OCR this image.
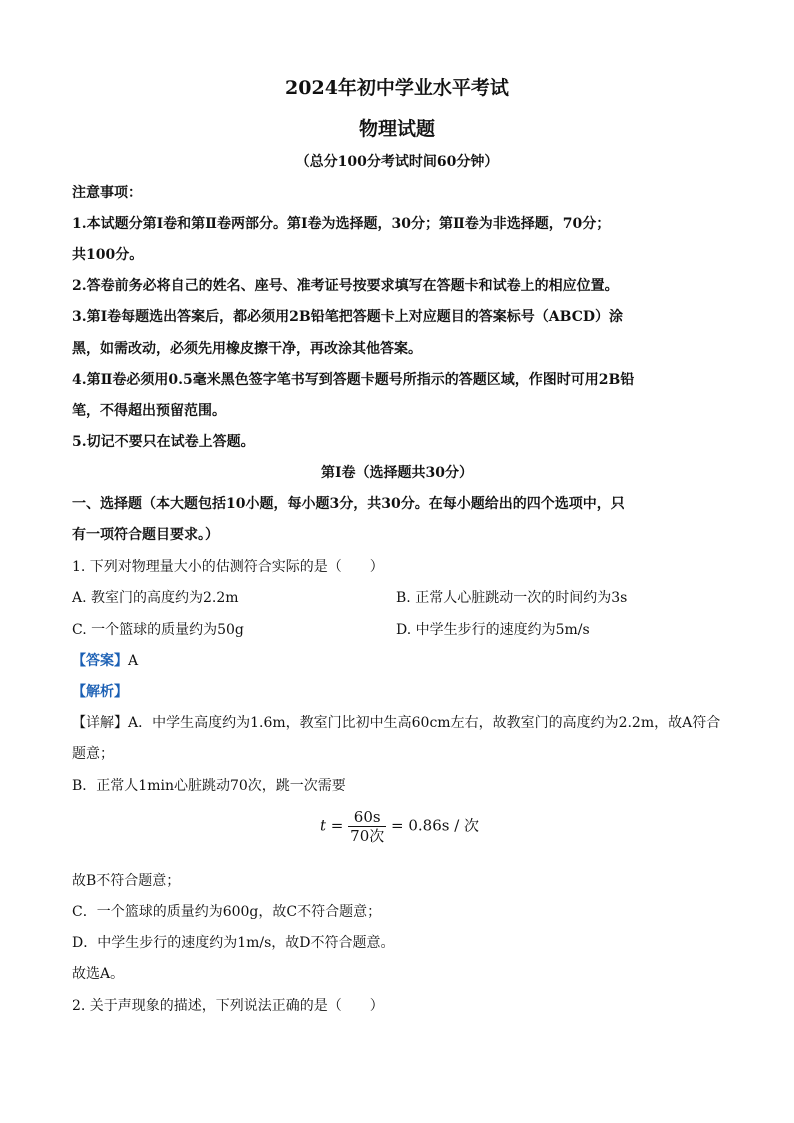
2024年初中学业水平考试
物理试题
（总分100分考试时间60分钟）
注意事项：
1.本试题分第Ⅰ卷和第Ⅱ卷两部分。第Ⅰ卷为选择题，30分；第Ⅱ卷为非选择题，70分；
共100分。
2.答卷前务必将自己的姓名、座号、准考证号按要求填写在答题卡和试卷上的相应位置。
3.第Ⅰ卷每题选出答案后，都必须用2B铅笔把答题卡上对应题目的答案标号（ABCD）涂
黑，如需改动，必须先用橡皮擦干净，再改涂其他答案。
4.第Ⅱ卷必须用0.5毫米黑色签字笔书写到答题卡题号所指示的答题区域，作图时可用2B铅
笔，不得超出预留范围。
5.切记不要只在试卷上答题。
第Ⅰ卷（选择题共30分）
一、选择题（本大题包括10小题，每小题3分，共30分。在每小题给出的四个选项中，只
有一项符合题目要求。）
1. 下列对物理量大小的估测符合实际的是（　　）
A. 教室门的高度约为2.2m	B. 正常人心脏跳动一次的时间约为3s
C. 一个篮球的质量约为50g	D. 中学生步行的速度约为5m/s
【答案】A
【解析】
【详解】A．中学生高度约为1.6m，教室门比初中生高60cm左右，故教室门的高度约为2.2m，故A符合
题意；
B．正常人1min心脏跳动70次，跳一次需要
$t = \frac{60s}{\text{70次}} = 0.86s$ / 次
故B不符合题意；
C．一个篮球的质量约为600g，故C不符合题意；
D．中学生步行的速度约为1m/s，故D不符合题意。
故选A。
2. 关于声现象的描述，下列说法正确的是（　　）
